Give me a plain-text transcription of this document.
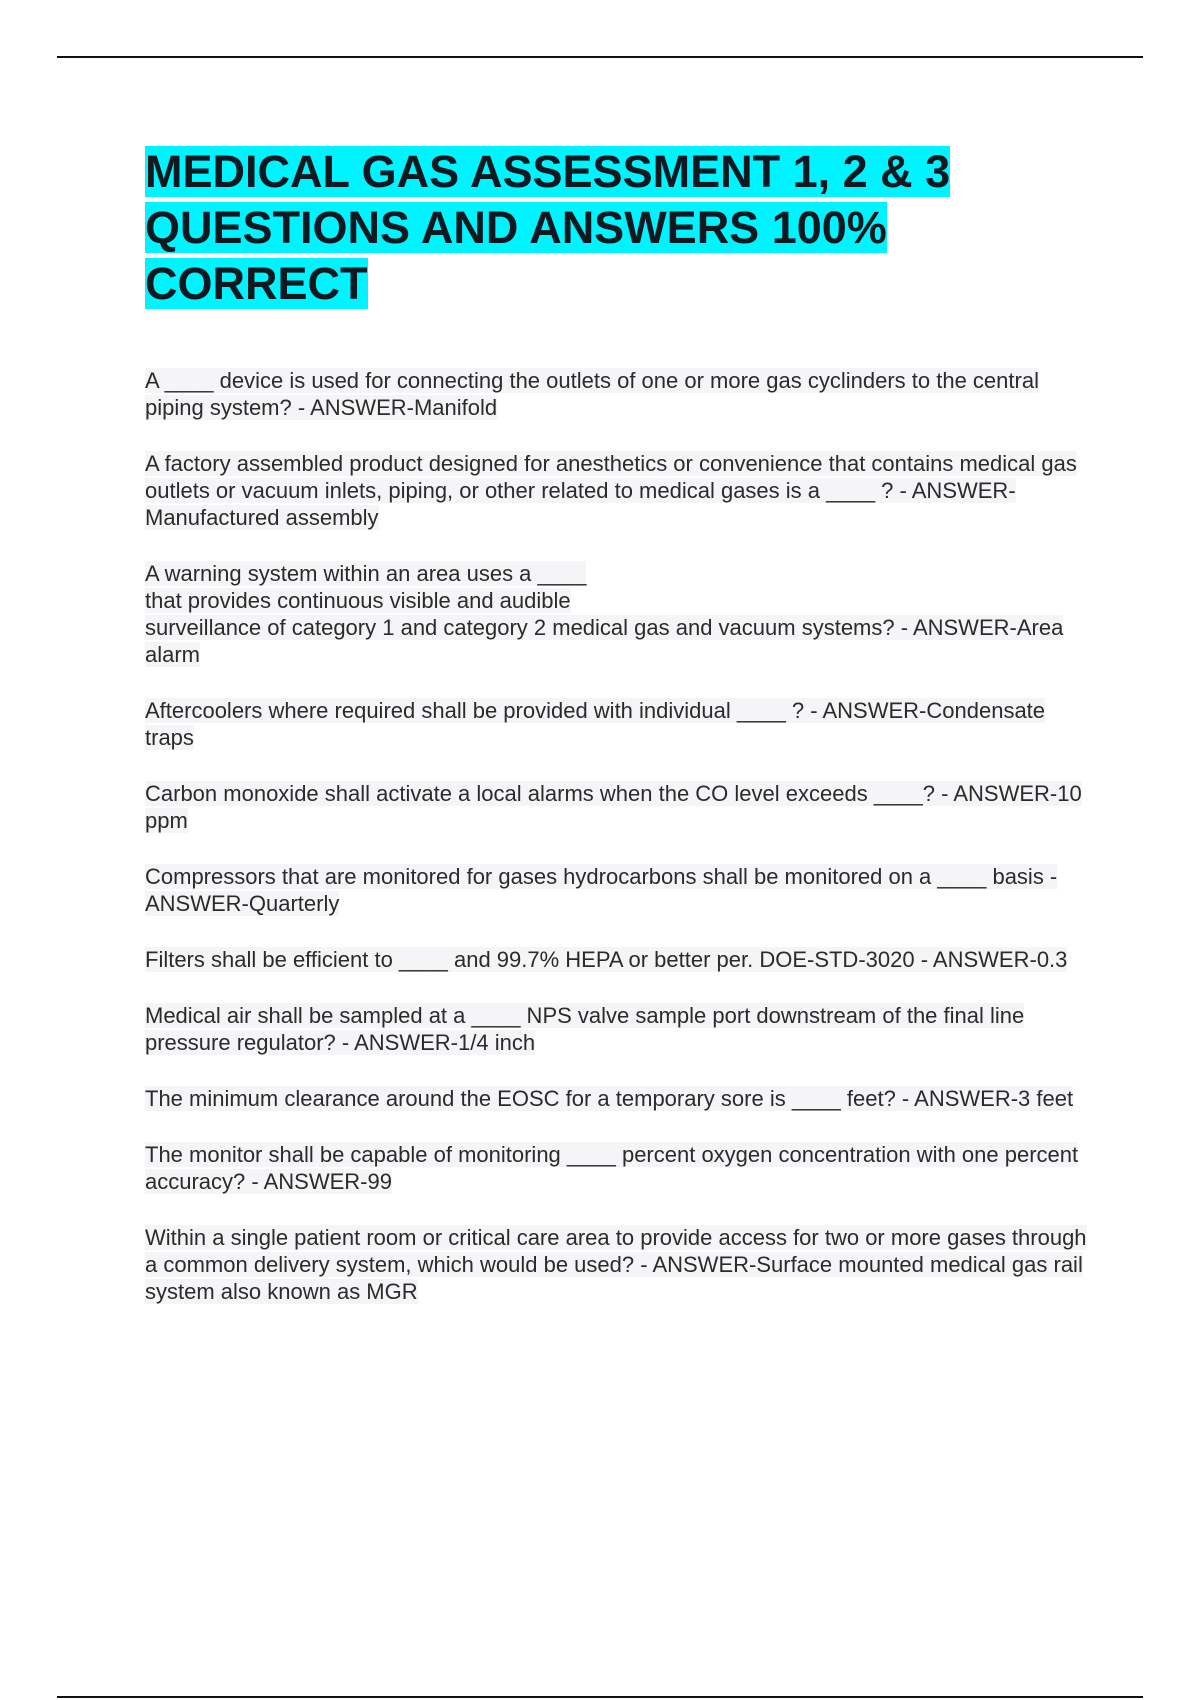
MEDICAL GAS ASSESSMENT 1, 2 & 3 QUESTIONS AND ANSWERS 100% CORRECT
A ____ device is used for connecting the outlets of one or more gas cyclinders to the central piping system? - ANSWER-Manifold
A factory assembled product designed for anesthetics or convenience that contains medical gas outlets or vacuum inlets, piping, or other related to medical gases is a ____ ? - ANSWER-Manufactured assembly
A warning system within an area uses a ____
that provides continuous visible and audible
surveillance of category 1 and category 2 medical gas and vacuum systems? - ANSWER-Area alarm
Aftercoolers where required shall be provided with individual ____ ? - ANSWER-Condensate traps
Carbon monoxide shall activate a local alarms when the CO level exceeds ____? - ANSWER-10 ppm
Compressors that are monitored for gases hydrocarbons shall be monitored on a ____ basis - ANSWER-Quarterly
Filters shall be efficient to ____ and 99.7% HEPA or better per. DOE-STD-3020 - ANSWER-0.3
Medical air shall be sampled at a ____ NPS valve sample port downstream of the final line pressure regulator? - ANSWER-1/4 inch
The minimum clearance around the EOSC for a temporary sore is ____ feet? - ANSWER-3 feet
The monitor shall be capable of monitoring ____ percent oxygen concentration with one percent accuracy? - ANSWER-99
Within a single patient room or critical care area to provide access for two or more gases through a common delivery system, which would be used? - ANSWER-Surface mounted medical gas rail system also known as MGR
